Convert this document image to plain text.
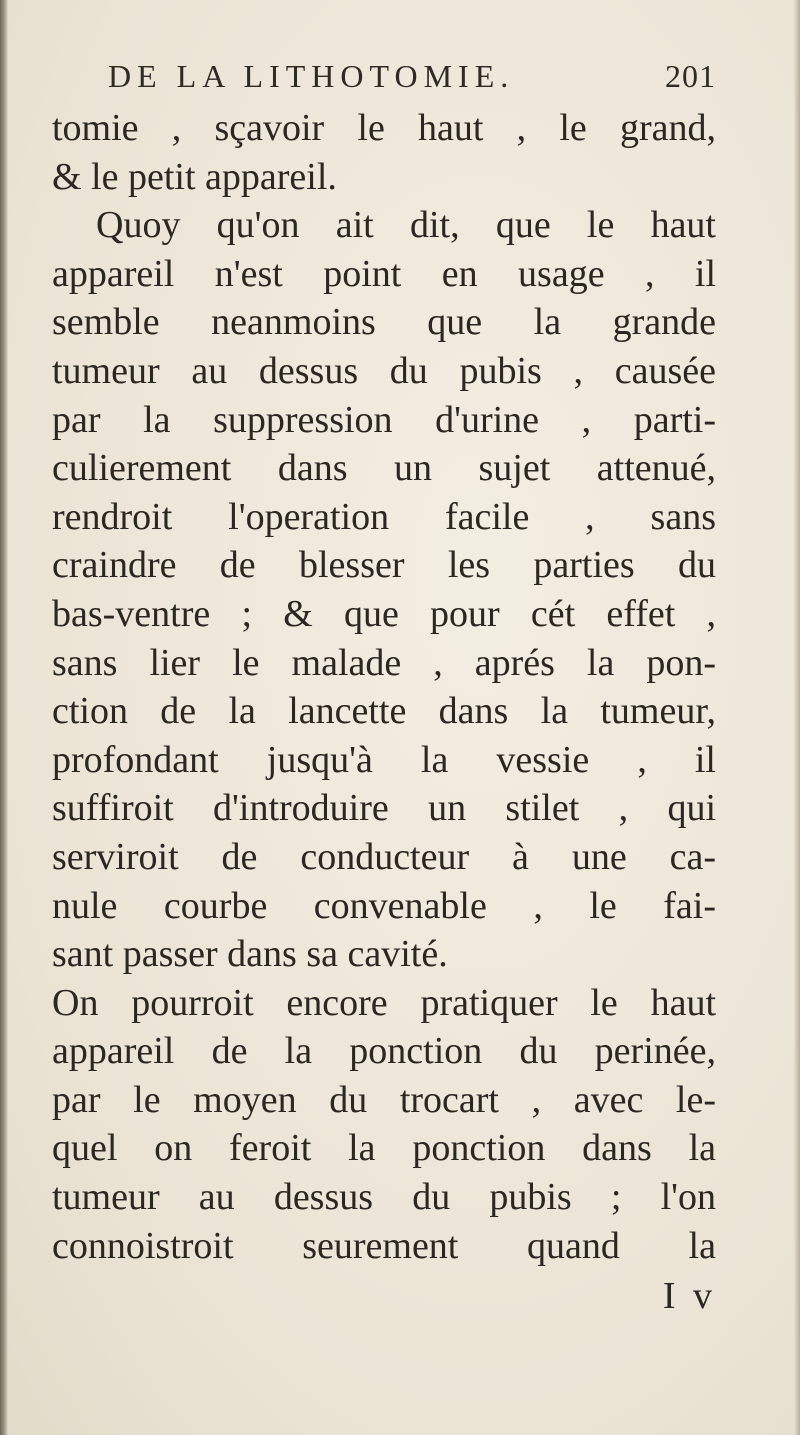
DE LA LITHOTOMIE.	201
tomie , sçavoir le haut , le grand,
& le petit appareil.
Quoy qu'on ait dit, que le haut
appareil n'est point en usage , il
semble neanmoins que la grande
tumeur au dessus du pubis , causée
par la suppression d'urine , parti-
culierement dans un sujet attenué,
rendroit l'operation facile , sans
craindre de blesser les parties du
bas-ventre ; & que pour cét effet ,
sans lier le malade , aprés la pon-
ction de la lancette dans la tumeur,
profondant jusqu'à la vessie , il
suffiroit d'introduire un stilet , qui
serviroit de conducteur à une ca-
nule courbe convenable , le fai-
sant passer dans sa cavité.
On pourroit encore pratiquer le haut
appareil de la ponction du perinée,
par le moyen du trocart , avec le-
quel on feroit la ponction dans la
tumeur au dessus du pubis ; l'on
connoistroit seurement quand la
I v
